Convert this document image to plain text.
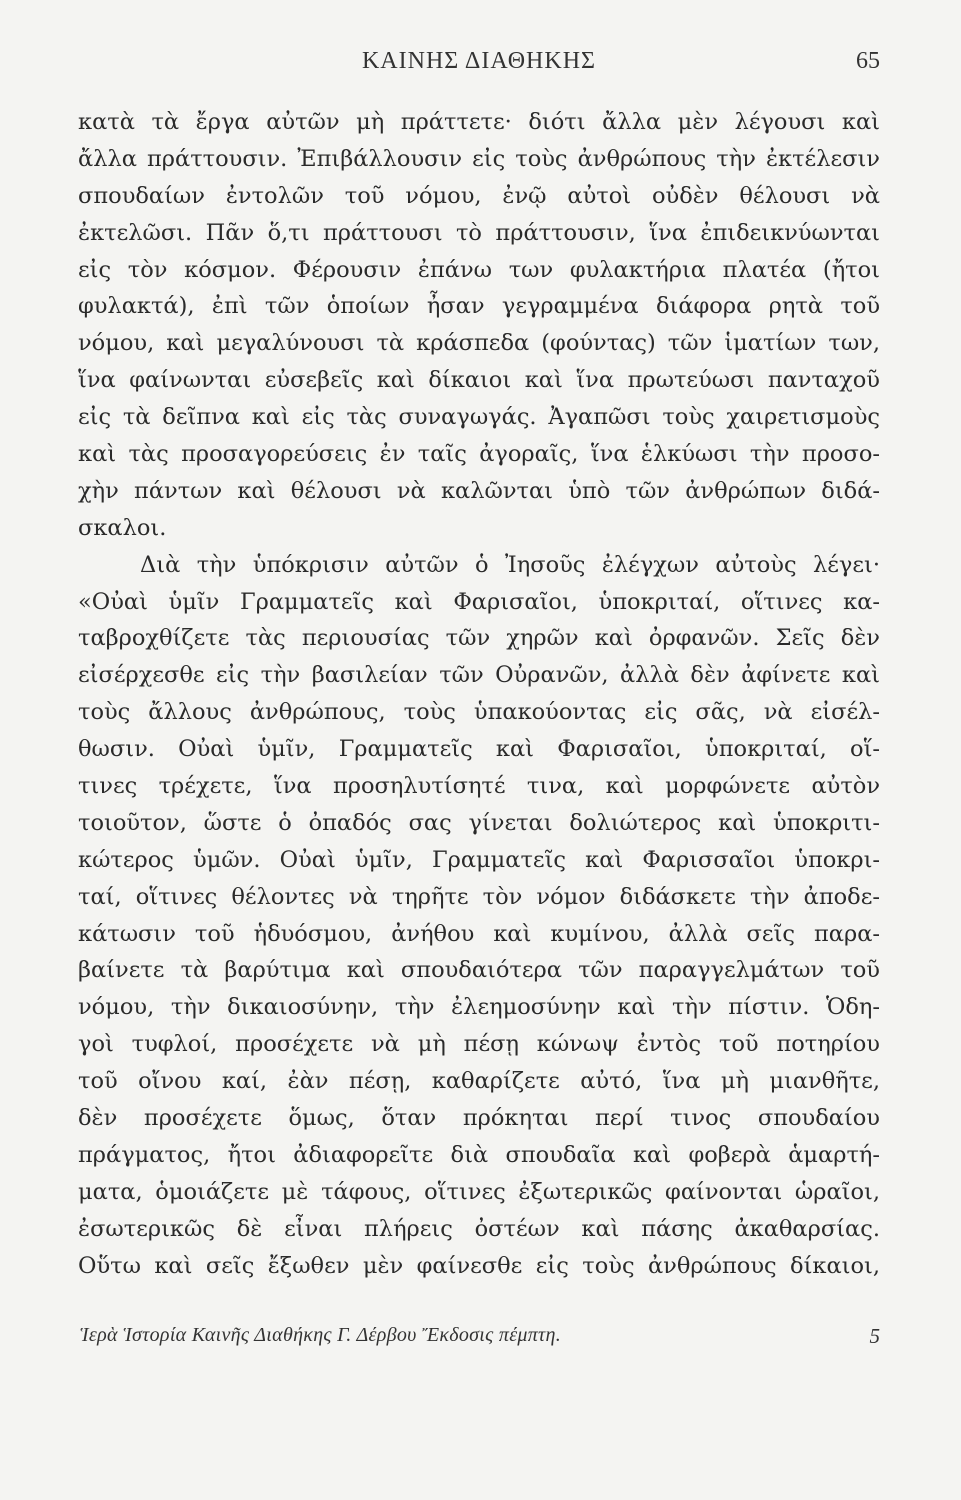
ΚΑΙΝΗΣ ΔΙΑΘΗΚΗΣ	65
κατὰ τὰ ἔργα αὐτῶν μὴ πράττετε· διότι ἄλλα μὲν λέγουσι καὶ
ἄλλα πράττουσιν. Ἐπιβάλλουσιν εἰς τοὺς ἀνθρώπους τὴν ἐκτέλεσιν
σπουδαίων ἐντολῶν τοῦ νόμου, ἐνῷ αὐτοὶ οὐδὲν θέλουσι νὰ
ἐκτελῶσι. Πᾶν ὅ,τι πράττουσι τὸ πράττουσιν, ἵνα ἐπιδεικνύωνται
εἰς τὸν κόσμον. Φέρουσιν ἐπάνω των φυλακτήρια πλατέα (ἤτοι
φυλακτά), ἐπὶ τῶν ὁποίων ἦσαν γεγραμμένα διάφορα ρητὰ τοῦ
νόμου, καὶ μεγαλύνουσι τὰ κράσπεδα (φούντας) τῶν ἱματίων των,
ἵνα φαίνωνται εὐσεβεῖς καὶ δίκαιοι καὶ ἵνα πρωτεύωσι πανταχοῦ
εἰς τὰ δεῖπνα καὶ εἰς τὰς συναγωγάς. Ἀγαπῶσι τοὺς χαιρετισμοὺς
καὶ τὰς προσαγορεύσεις ἐν ταῖς ἀγοραῖς, ἵνα ἑλκύωσι τὴν προσο-
χὴν πάντων καὶ θέλουσι νὰ καλῶνται ὑπὸ τῶν ἀνθρώπων διδά-
σκαλοι.
Διὰ τὴν ὑπόκρισιν αὐτῶν ὁ Ἰησοῦς ἐλέγχων αὐτοὺς λέγει·
«Οὐαὶ ὑμῖν Γραμματεῖς καὶ Φαρισαῖοι, ὑποκριταί, οἵτινες κα-
ταβροχθίζετε τὰς περιουσίας τῶν χηρῶν καὶ ὀρφανῶν. Σεῖς δὲν
εἰσέρχεσθε εἰς τὴν βασιλείαν τῶν Οὐρανῶν, ἀλλὰ δὲν ἀφίνετε καὶ
τοὺς ἄλλους ἀνθρώπους, τοὺς ὑπακούοντας εἰς σᾶς, νὰ εἰσέλ-
θωσιν. Οὐαὶ ὑμῖν, Γραμματεῖς καὶ Φαρισαῖοι, ὑποκριταί, οἵ-
τινες τρέχετε, ἵνα προσηλυτίσητέ τινα, καὶ μορφώνετε αὐτὸν
τοιοῦτον, ὥστε ὁ ὀπαδός σας γίνεται δολιώτερος καὶ ὑποκριτι-
κώτερος ὑμῶν. Οὐαὶ ὑμῖν, Γραμματεῖς καὶ Φαρισσαῖοι ὑποκρι-
ταί, οἵτινες θέλοντες νὰ τηρῆτε τὸν νόμον διδάσκετε τὴν ἀποδε-
κάτωσιν τοῦ ἡδυόσμου, ἀνήθου καὶ κυμίνου, ἀλλὰ σεῖς παρα-
βαίνετε τὰ βαρύτιμα καὶ σπουδαιότερα τῶν παραγγελμάτων τοῦ
νόμου, τὴν δικαιοσύνην, τὴν ἐλεημοσύνην καὶ τὴν πίστιν. Ὁδη-
γοὶ τυφλοί, προσέχετε νὰ μὴ πέσῃ κώνωψ ἐντὸς τοῦ ποτηρίου
τοῦ οἴνου καί, ἐὰν πέσῃ, καθαρίζετε αὐτό, ἵνα μὴ μιανθῆτε,
δὲν προσέχετε ὅμως, ὅταν πρόκηται περί τινος σπουδαίου
πράγματος, ἤτοι ἀδιαφορεῖτε διὰ σπουδαῖα καὶ φοβερὰ ἁμαρτή-
ματα, ὁμοιάζετε μὲ τάφους, οἵτινες ἐξωτερικῶς φαίνονται ὡραῖοι,
ἐσωτερικῶς δὲ εἶναι πλήρεις ὀστέων καὶ πάσης ἀκαθαρσίας.
Οὕτω καὶ σεῖς ἔξωθεν μὲν φαίνεσθε εἰς τοὺς ἀνθρώπους δίκαιοι,
Ἱερὰ Ἱστορία Καινῆς Διαθήκης Γ. Δέρβου Ἔκδοσις πέμπτη.	5
